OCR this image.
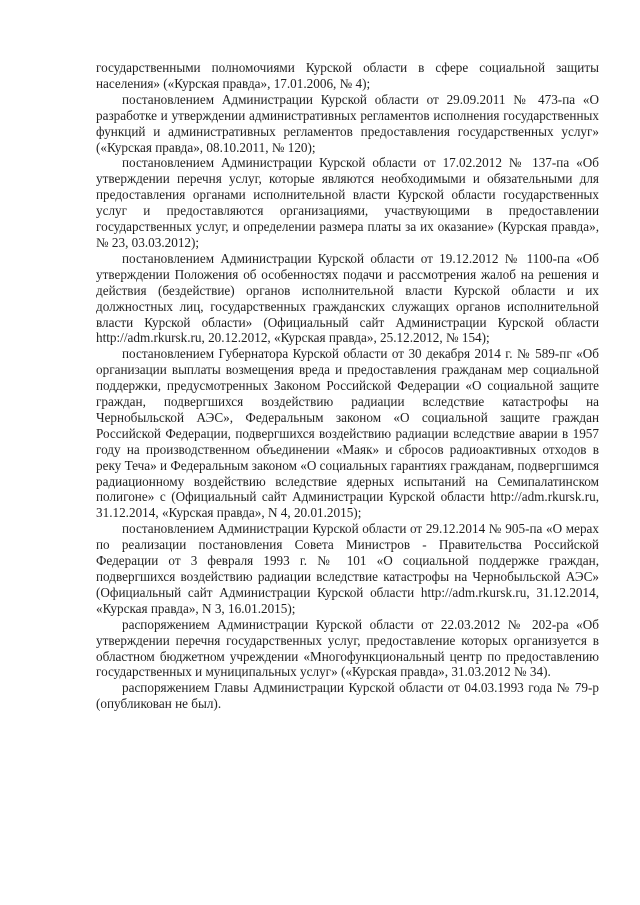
государственными полномочиями Курской области в сфере социальной защиты населения» («Курская правда», 17.01.2006, № 4);

постановлением Администрации Курской области от 29.09.2011 № 473-па «О разработке и утверждении административных регламентов исполнения государственных функций и административных регламентов предоставления государственных услуг» («Курская правда», 08.10.2011, № 120);

постановлением Администрации Курской области от 17.02.2012 № 137-па «Об утверждении перечня услуг, которые являются необходимыми и обязательными для предоставления органами исполнительной власти Курской области государственных услуг и предоставляются организациями, участвующими в предоставлении государственных услуг, и определении размера платы за их оказание» (Курская правда», № 23, 03.03.2012);

постановлением Администрации Курской области от 19.12.2012 № 1100-па «Об утверждении Положения об особенностях подачи и рассмотрения жалоб на решения и действия (бездействие) органов исполнительной власти Курской области и их должностных лиц, государственных гражданских служащих органов исполнительной власти Курской области» (Официальный сайт Администрации Курской области http://adm.rkursk.ru, 20.12.2012, «Курская правда», 25.12.2012, № 154);

постановлением Губернатора Курской области от 30 декабря 2014 г. № 589-пг «Об организации выплаты возмещения вреда и предоставления гражданам мер социальной поддержки, предусмотренных Законом Российской Федерации «О социальной защите граждан, подвергшихся воздействию радиации вследствие катастрофы на Чернобыльской АЭС», Федеральным законом «О социальной защите граждан Российской Федерации, подвергшихся воздействию радиации вследствие аварии в 1957 году на производственном объединении «Маяк» и сбросов радиоактивных отходов в реку Теча» и Федеральным законом «О социальных гарантиях гражданам, подвергшимся радиационному воздействию вследствие ядерных испытаний на Семипалатинском полигоне» с (Официальный сайт Администрации Курской области http://adm.rkursk.ru, 31.12.2014, «Курская правда», N 4, 20.01.2015);

постановлением Администрации Курской области от 29.12.2014 № 905-па «О мерах по реализации постановления Совета Министров - Правительства Российской Федерации от 3 февраля 1993 г. № 101 «О социальной поддержке граждан, подвергшихся воздействию радиации вследствие катастрофы на Чернобыльской АЭС» (Официальный сайт Администрации Курской области http://adm.rkursk.ru, 31.12.2014, «Курская правда», N 3, 16.01.2015);

распоряжением Администрации Курской области от 22.03.2012 № 202-ра «Об утверждении перечня государственных услуг, предоставление которых организуется в областном бюджетном учреждении «Многофункциональный центр по предоставлению государственных и муниципальных услуг» («Курская правда», 31.03.2012 № 34).

распоряжением Главы Администрации Курской области от 04.03.1993 года № 79-р (опубликован не был).
